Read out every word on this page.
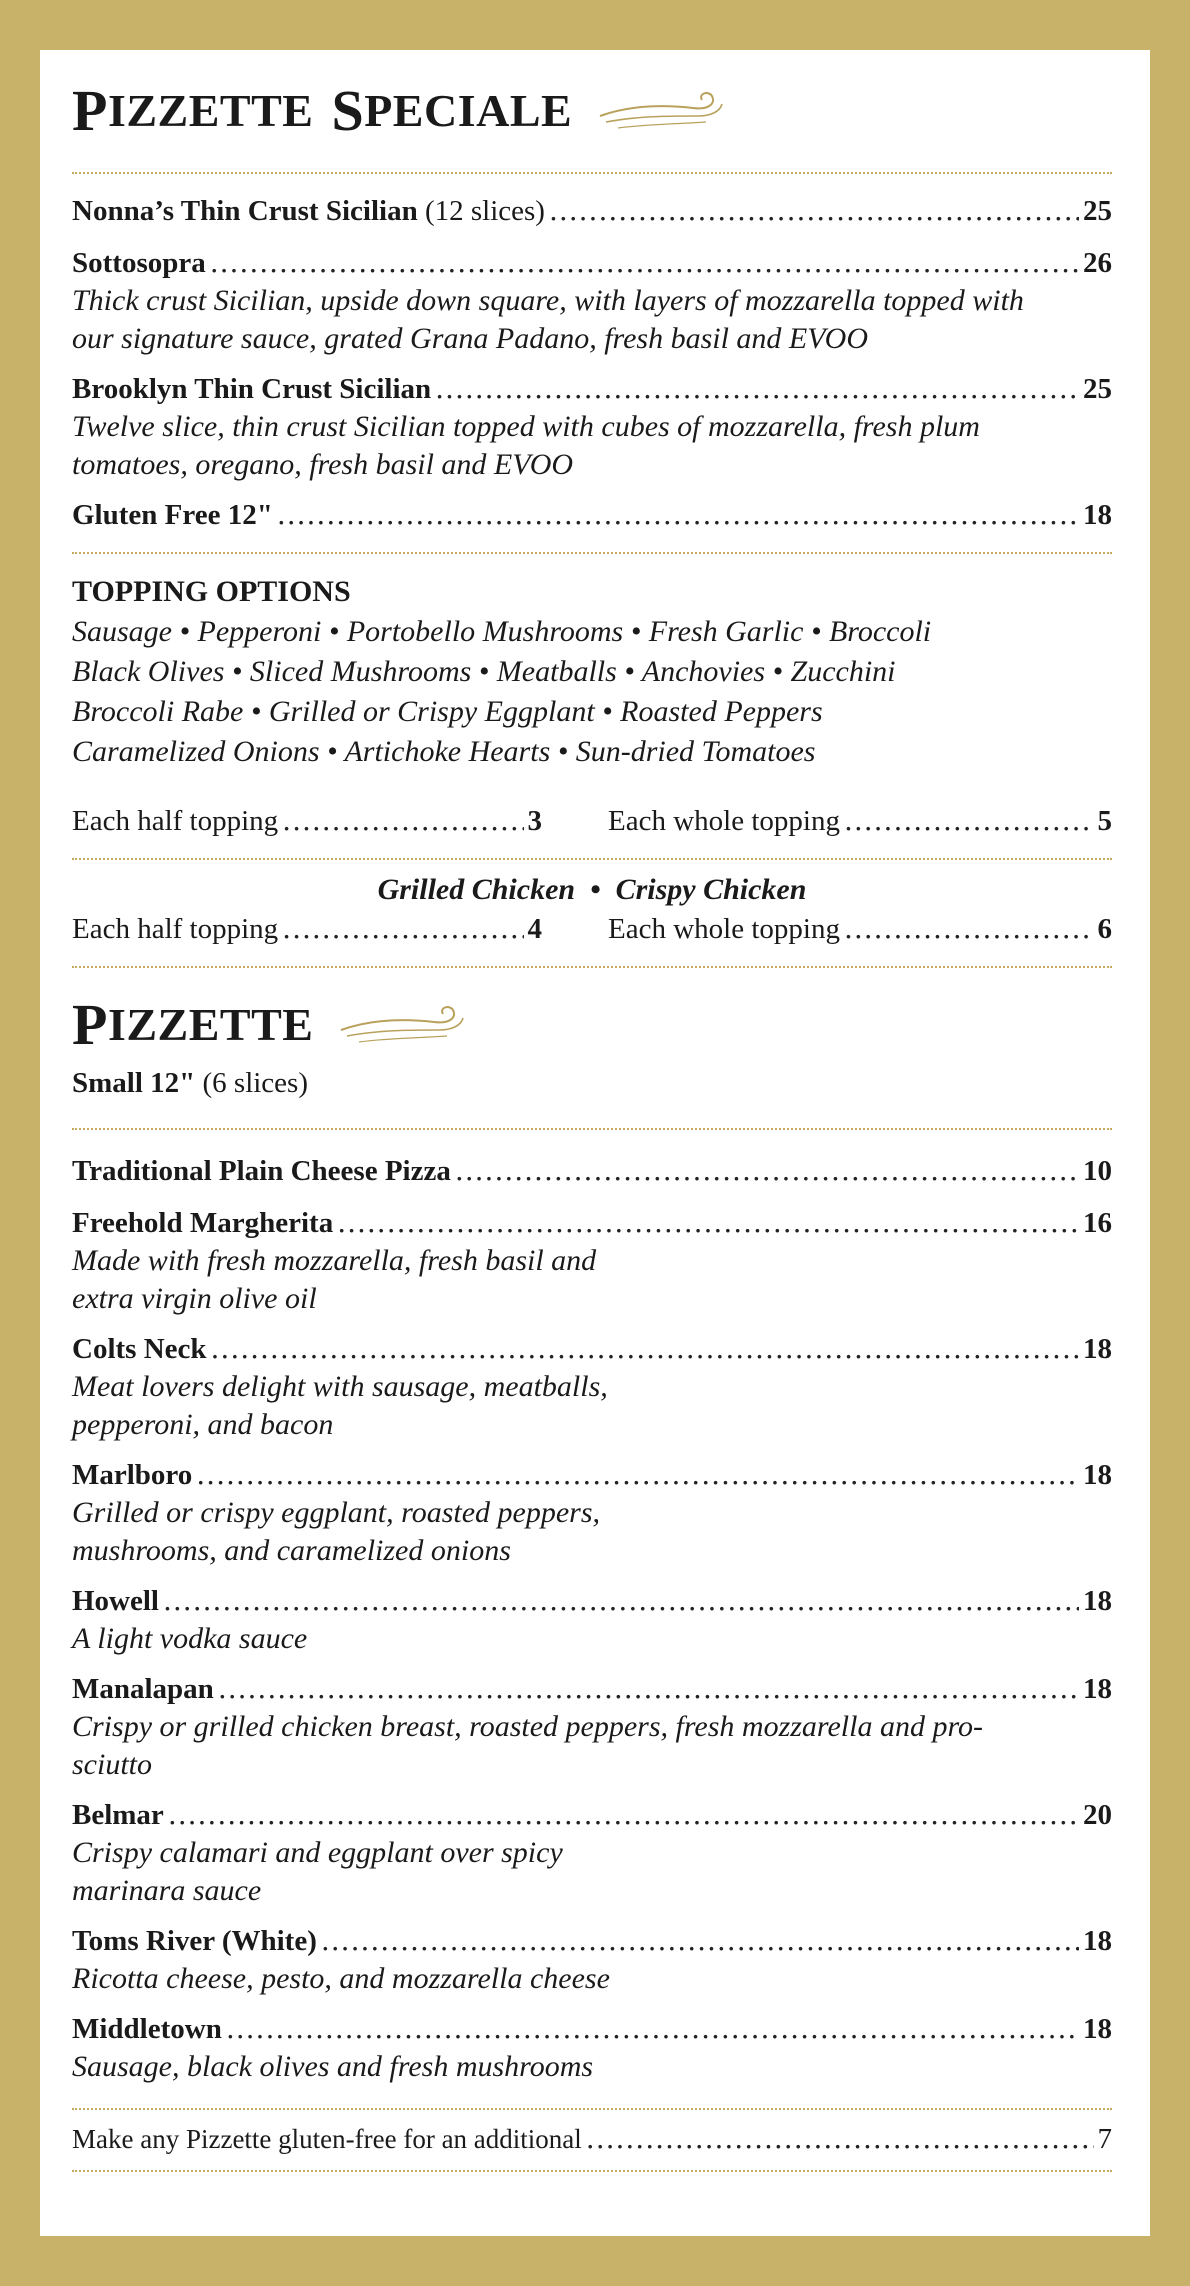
P IZZETTE S PECIALE
Nonna’s Thin Crust Sicilian (12 slices) .....	25
Sottosopra .....	26

Thick crust Sicilian, upside down square, with layers of mozzarella topped with our signature sauce, grated Grana Padano, fresh basil and EVOO

Brooklyn Thin Crust Sicilian .....	25

Twelve slice, thin crust Sicilian topped with cubes of mozzarella, fresh plum tomatoes, oregano, fresh basil and EVOO

Gluten Free 12" .....	18

TOPPING OPTIONS

Sausage • Pepperoni • Portobello Mushrooms • Fresh Garlic • Broccoli

Black Olives • Sliced Mushrooms • Meatballs • Anchovies • Zucchini

Broccoli Rabe • Grilled or Crispy Eggplant • Roasted Peppers

Caramelized Onions • Artichoke Hearts • Sun-dried Tomatoes

Each half topping .....	3 Each whole topping .....	5
Grilled Chicken  •  Crispy Chicken
Each half topping .....	4 Each whole topping .....	6
P IZZETTE
Small 12" (6 slices)
Traditional Plain Cheese Pizza .....	10
Freehold Margherita .....	16

Made with fresh mozzarella, fresh basil and
extra virgin olive oil

Colts Neck .....	18

Meat lovers delight with sausage, meatballs,
pepperoni, and bacon

Marlboro .....	18

Grilled or crispy eggplant, roasted peppers,
mushrooms, and caramelized onions

Howell .....	18

A light vodka sauce

Manalapan .....	18

Crispy or grilled chicken breast, roasted peppers, fresh mozzarella and pro-
sciutto

Belmar .....	20

Crispy calamari and eggplant over spicy
marinara sauce

Toms River (White) .....	18

Ricotta cheese, pesto, and mozzarella cheese

Middletown .....	18

Sausage, black olives and fresh mushrooms

Make any Pizzette gluten-free for an additional .....	7
